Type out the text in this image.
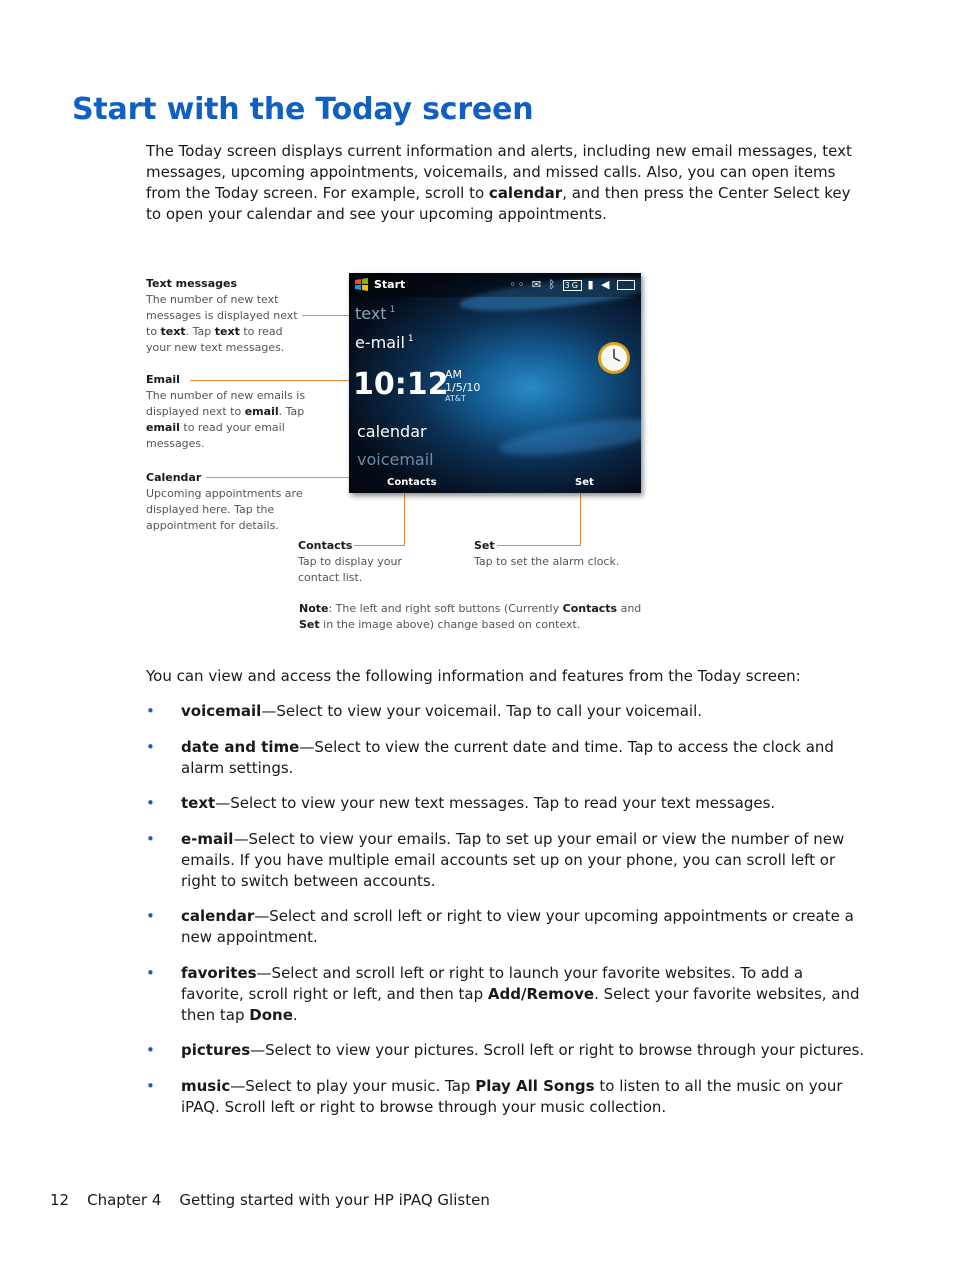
Start with the Today screen

The Today screen displays current information and alerts, including new email messages, text messages, upcoming appointments, voicemails, and missed calls. Also, you can open items from the Today screen. For example, scroll to calendar, and then press the Center Select key to open your calendar and see your upcoming appointments.

Text messages
The number of new text messages is displayed next to text. Tap text to read your new text messages.
Email
The number of new emails is displayed next to email. Tap email to read your email messages.
Calendar
Upcoming appointments are displayed here. Tap the appointment for details.
Contacts
Tap to display your contact list.
Set
Tap to set the alarm clock.
Start	◦◦ ✉ ᛒ 3G ▮ ◀
text $^1$
e-mail $^1$
10:12
AM
1/5/10
AT&T
calendar
voicemail
Contacts	Set
Note: The left and right soft buttons (Currently Contacts and Set in the image above) change based on context.
You can view and access the following information and features from the Today screen:
• voicemail—Select to view your voicemail. Tap to call your voicemail.
• date and time—Select to view the current date and time. Tap to access the clock and alarm settings.
• text—Select to view your new text messages. Tap to read your text messages.
• e-mail—Select to view your emails. Tap to set up your email or view the number of new emails. If you have multiple email accounts set up on your phone, you can scroll left or right to switch between accounts.
• calendar—Select and scroll left or right to view your upcoming appointments or create a new appointment.
• favorites—Select and scroll left or right to launch your favorite websites. To add a favorite, scroll right or left, and then tap Add/Remove. Select your favorite websites, and then tap Done.
• pictures—Select to view your pictures. Scroll left or right to browse through your pictures.
• music—Select to play your music. Tap Play All Songs to listen to all the music on your iPAQ. Scroll left or right to browse through your music collection.
12 Chapter 4 Getting started with your HP iPAQ Glisten
